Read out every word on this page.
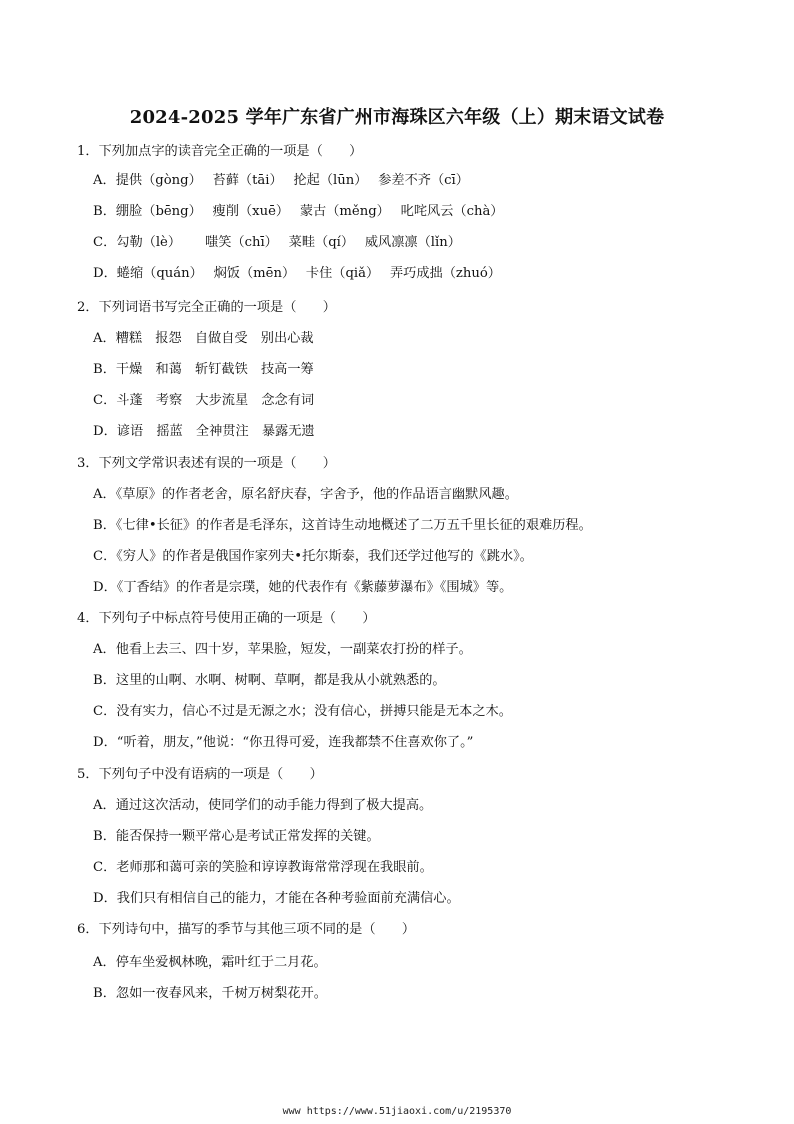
2024-2025 学年广东省广州市海珠区六年级（上）期末语文试卷
1．下列加点字的读音完全正确的一项是（　　）
A．提供（gòng）　 苔藓（tāi）　 抡起（lūn）　 参差不齐（cī）
B．绷脸（bēng）　 瘦削（xuē）　 蒙古（měng）　 叱咤风云（chà）
C．勾勒（lè）　　 嗤笑（chī）　 菜畦（qí）　 威风凛凛（lǐn）
D．蜷缩（quán）　 焖饭（mēn）　 卡住（qiǎ）　 弄巧成拙（zhuó）
2．下列词语书写完全正确的一项是（　　）
A．糟糕　报怨　自做自受　别出心裁
B．干燥　和蔼　斩钉截铁　技高一筹
C．斗蓬　考察　大步流星　念念有词
D．谚语　摇蓝　全神贯注　暴露无遗
3．下列文学常识表述有误的一项是（　　）
A．《草原》的作者老舍，原名舒庆春，字舍予，他的作品语言幽默风趣。
B．《七律•长征》的作者是毛泽东，这首诗生动地概述了二万五千里长征的艰难历程。
C．《穷人》的作者是俄国作家列夫•托尔斯泰，我们还学过他写的《跳水》。
D．《丁香结》的作者是宗璞，她的代表作有《紫藤萝瀑布》《围城》等。
4．下列句子中标点符号使用正确的一项是（　　）
A．他看上去三、四十岁，苹果脸，短发，一副菜农打扮的样子。
B．这里的山啊、水啊、树啊、草啊，都是我从小就熟悉的。
C．没有实力，信心不过是无源之水；没有信心，拼搏只能是无本之木。
D．“听着，朋友，”他说：“你丑得可爱，连我都禁不住喜欢你了。”
5．下列句子中没有语病的一项是（　　）
A．通过这次活动，使同学们的动手能力得到了极大提高。
B．能否保持一颗平常心是考试正常发挥的关键。
C．老师那和蔼可亲的笑脸和谆谆教诲常常浮现在我眼前。
D．我们只有相信自己的能力，才能在各种考验面前充满信心。
6．下列诗句中，描写的季节与其他三项不同的是（　　）
A．停车坐爱枫林晚，霜叶红于二月花。
B．忽如一夜春风来，千树万树梨花开。
www https://www.51jiaoxi.com/u/2195370
